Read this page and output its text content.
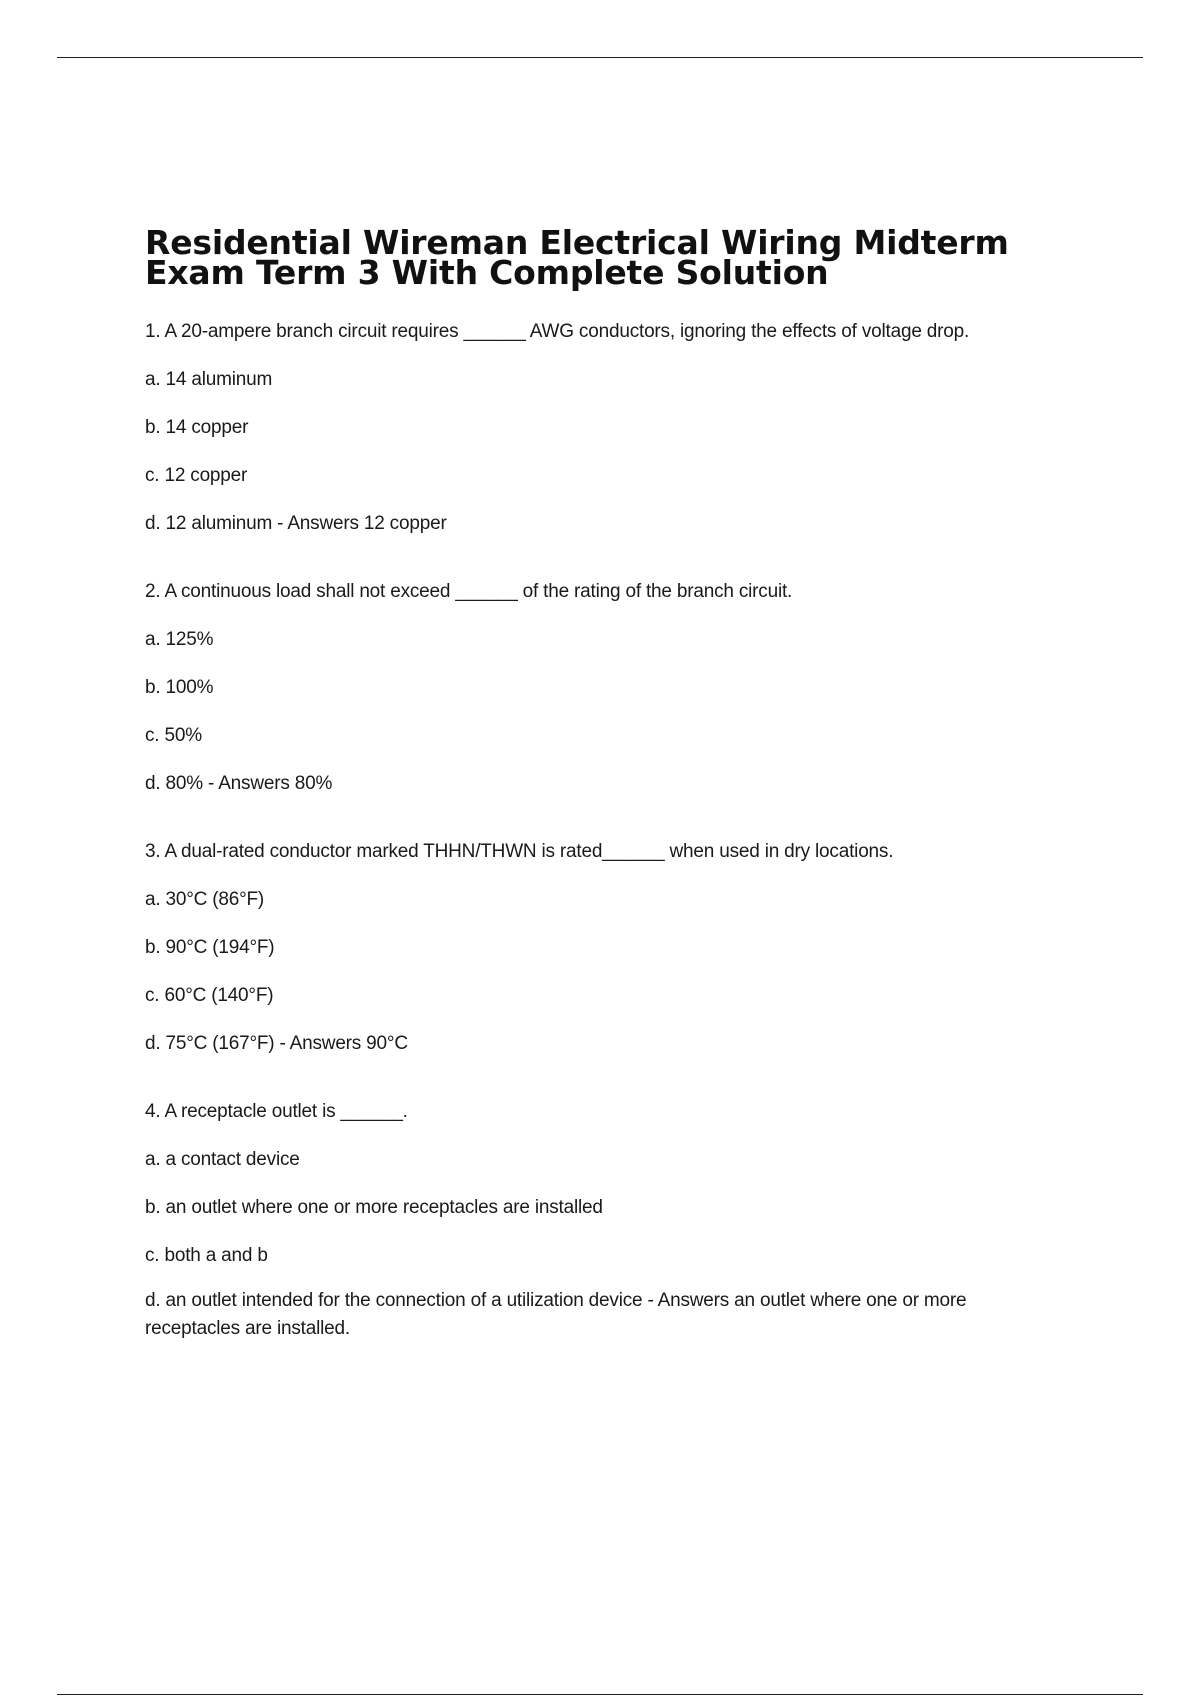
Residential Wireman Electrical Wiring Midterm Exam Term 3 With Complete Solution

1. A 20-ampere branch circuit requires ______ AWG conductors, ignoring the effects of voltage drop.

a. 14 aluminum

b. 14 copper

c. 12 copper

d. 12 aluminum - Answers 12 copper

2. A continuous load shall not exceed ______ of the rating of the branch circuit.

a. 125%

b. 100%

c. 50%

d. 80% - Answers 80%

3. A dual-rated conductor marked THHN/THWN is rated______ when used in dry locations.

a. 30°C (86°F)

b. 90°C (194°F)

c. 60°C (140°F)

d. 75°C (167°F) - Answers 90°C

4. A receptacle outlet is ______.

a. a contact device

b. an outlet where one or more receptacles are installed

c. both a and b

d. an outlet intended for the connection of a utilization device - Answers an outlet where one or more receptacles are installed.
